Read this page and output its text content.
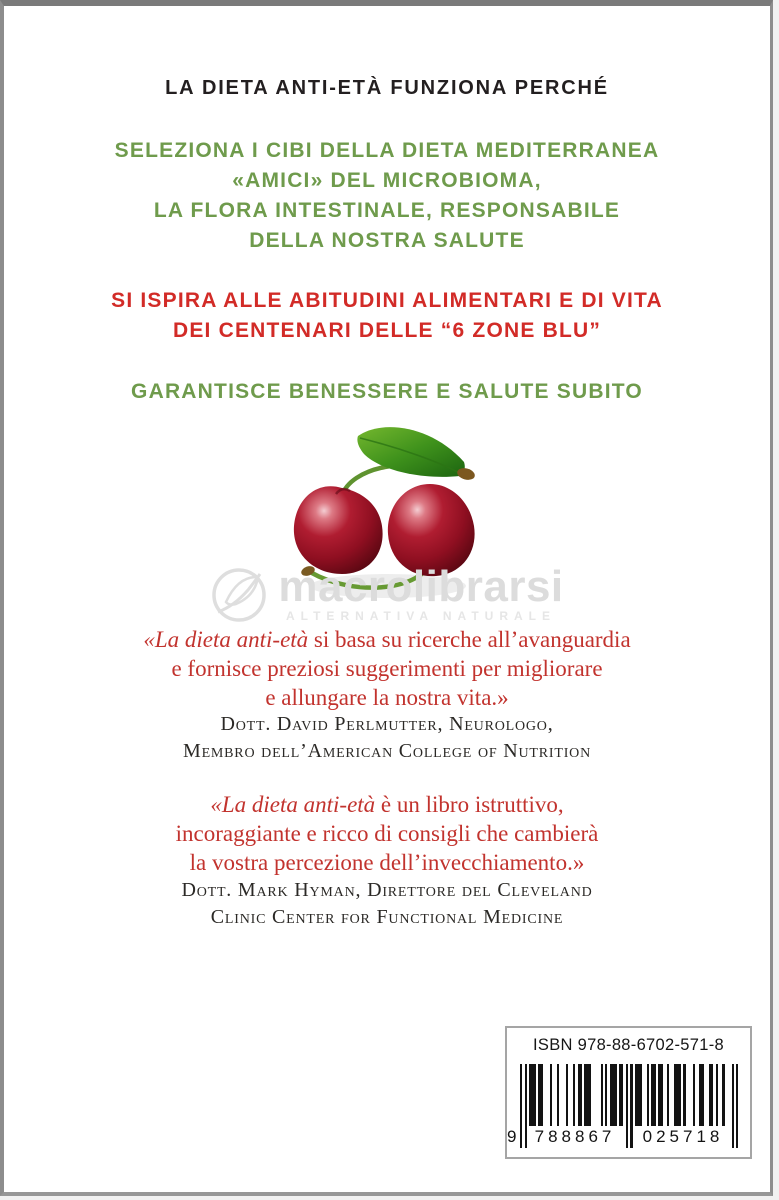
LA DIETA ANTI-ETÀ FUNZIONA PERCHÉ
SELEZIONA I CIBI DELLA DIETA MEDITERRANEA
«AMICI» DEL MICROBIOMA,
LA FLORA INTESTINALE, RESPONSABILE
DELLA NOSTRA SALUTE
SI ISPIRA ALLE ABITUDINI ALIMENTARI E DI VITA
DEI CENTENARI DELLE “6 ZONE BLU”
GARANTISCE BENESSERE E SALUTE SUBITO
macrolibrarsi
ALTERNATIVA NATURALE
«La dieta anti-età si basa su ricerche all’avanguardia
e fornisce preziosi suggerimenti per migliorare
e allungare la nostra vita.»
Dott. David Perlmutter, Neurologo,
Membro dell’American College of Nutrition
«La dieta anti-età è un libro istruttivo,
incoraggiante e ricco di consigli che cambierà
la vostra percezione dell’invecchiamento.»
Dott. Mark Hyman, Direttore del Cleveland
Clinic Center for Functional Medicine
ISBN 978-88-6702-571-8
9	788867	025718
